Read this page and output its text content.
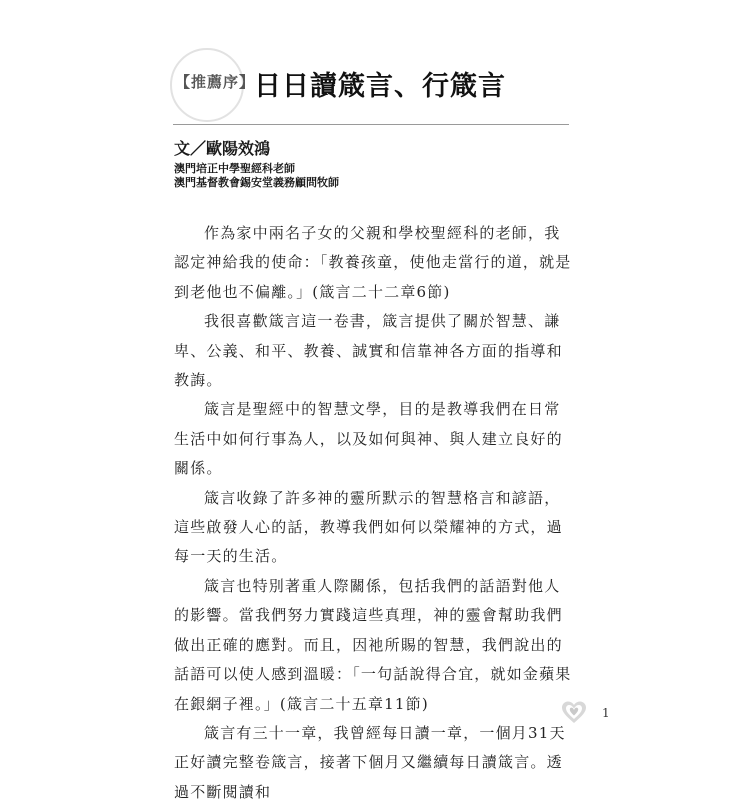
【推薦序】
日日讀箴言、行箴言
文／歐陽效鴻
澳門培正中學聖經科老師
澳門基督教會錫安堂義務顧問牧師

作為家中兩名子女的父親和學校聖經科的老師，我認定神給我的使命：「教養孩童，使他走當行的道，就是到老他也不偏離。」(箴言二十二章6節)

我很喜歡箴言這一卷書，箴言提供了關於智慧、謙卑、公義、和平、教養、誠實和信靠神各方面的指導和教誨。

箴言是聖經中的智慧文學，目的是教導我們在日常生活中如何行事為人，以及如何與神、與人建立良好的關係。

箴言收錄了許多神的靈所默示的智慧格言和諺語，這些啟發人心的話，教導我們如何以榮耀神的方式，過每一天的生活。

箴言也特別著重人際關係，包括我們的話語對他人的影響。當我們努力實踐這些真理，神的靈會幫助我們做出正確的應對。而且，因祂所賜的智慧，我們說出的話語可以使人感到溫暖：「一句話說得合宜，就如金蘋果在銀網子裡。」(箴言二十五章11節)

箴言有三十一章，我曾經每日讀一章，一個月31天正好讀完整卷箴言，接著下個月又繼續每日讀箴言。透過不斷閱讀和

1
